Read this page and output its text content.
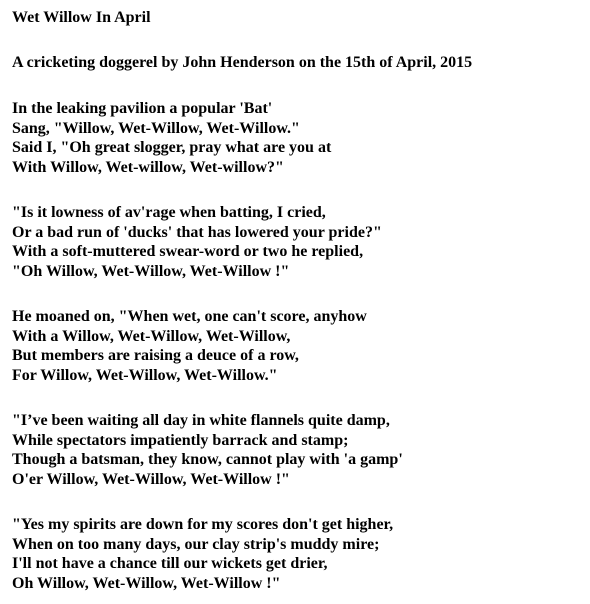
Wet Willow In April
A cricketing doggerel by John Henderson on the 15th of April, 2015
In the leaking pavilion a popular 'Bat'
Sang, "Willow, Wet-Willow, Wet-Willow."
Said I, "Oh great slogger, pray what are you at
With Willow, Wet-willow, Wet-willow?"
"Is it lowness of av'rage when batting, I cried,
Or a bad run of 'ducks' that has lowered your pride?"
With a soft-muttered swear-word or two he replied,
"Oh Willow, Wet-Willow, Wet-Willow !"
He moaned on, "When wet, one can't score, anyhow
With a Willow, Wet-Willow, Wet-Willow,
But members are raising a deuce of a row,
For Willow, Wet-Willow, Wet-Willow."
"I’ve been waiting all day in white flannels quite damp,
While spectators impatiently barrack and stamp;
Though a batsman, they know, cannot play with 'a gamp'
O'er Willow, Wet-Willow, Wet-Willow !"
"Yes my spirits are down for my scores don't get higher,
When on too many days, our clay strip's muddy mire;
I'll not have a chance till our wickets get drier,
Oh Willow, Wet-Willow, Wet-Willow !"
